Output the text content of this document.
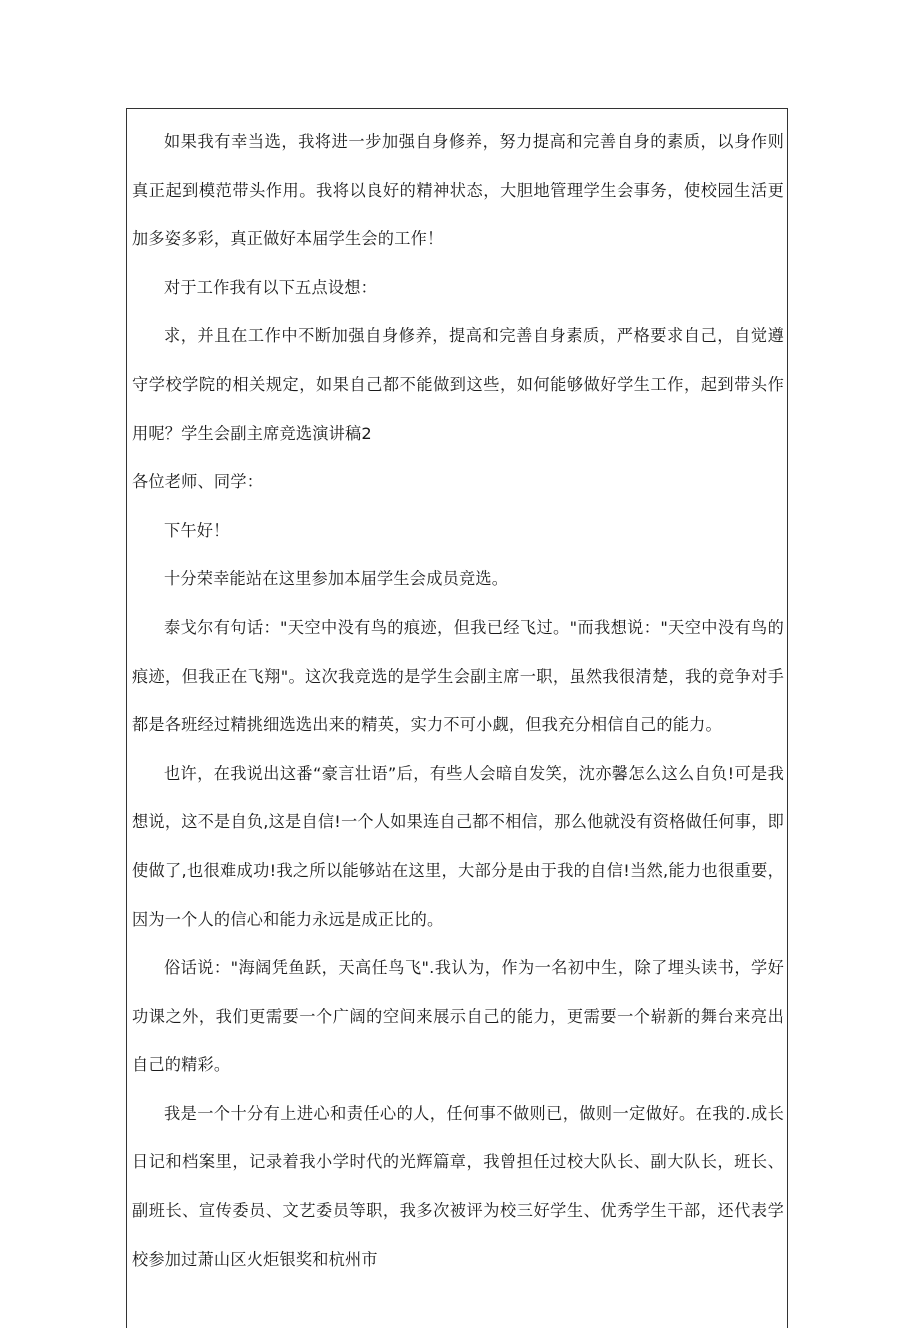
如果我有幸当选，我将进一步加强自身修养，努力提高和完善自身的素质，以身作则真正起到模范带头作用。我将以良好的精神状态，大胆地管理学生会事务，使校园生活更加多姿多彩，真正做好本届学生会的工作！

对于工作我有以下五点设想：

求，并且在工作中不断加强自身修养，提高和完善自身素质，严格要求自己，自觉遵守学校学院的相关规定，如果自己都不能做到这些，如何能够做好学生工作，起到带头作用呢？学生会副主席竞选演讲稿2

各位老师、同学：

下午好！

十分荣幸能站在这里参加本届学生会成员竞选。

泰戈尔有句话："天空中没有鸟的痕迹，但我已经飞过。"而我想说："天空中没有鸟的痕迹，但我正在飞翔"。这次我竞选的是学生会副主席一职，虽然我很清楚，我的竞争对手都是各班经过精挑细选选出来的精英，实力不可小觑，但我充分相信自己的能力。

也许，在我说出这番“豪言壮语”后，有些人会暗自发笑，沈亦馨怎么这么自负!可是我想说，这不是自负,这是自信!一个人如果连自己都不相信，那么他就没有资格做任何事，即使做了,也很难成功!我之所以能够站在这里，大部分是由于我的自信!当然,能力也很重要，因为一个人的信心和能力永远是成正比的。

俗话说："海阔凭鱼跃，天高任鸟飞".我认为，作为一名初中生，除了埋头读书，学好功课之外，我们更需要一个广阔的空间来展示自己的能力，更需要一个崭新的舞台来亮出自己的精彩。

我是一个十分有上进心和责任心的人，任何事不做则已，做则一定做好。在我的.成长日记和档案里，记录着我小学时代的光辉篇章，我曾担任过校大队长、副大队长，班长、副班长、宣传委员、文艺委员等职，我多次被评为校三好学生、优秀学生干部，还代表学校参加过萧山区火炬银奖和杭州市
